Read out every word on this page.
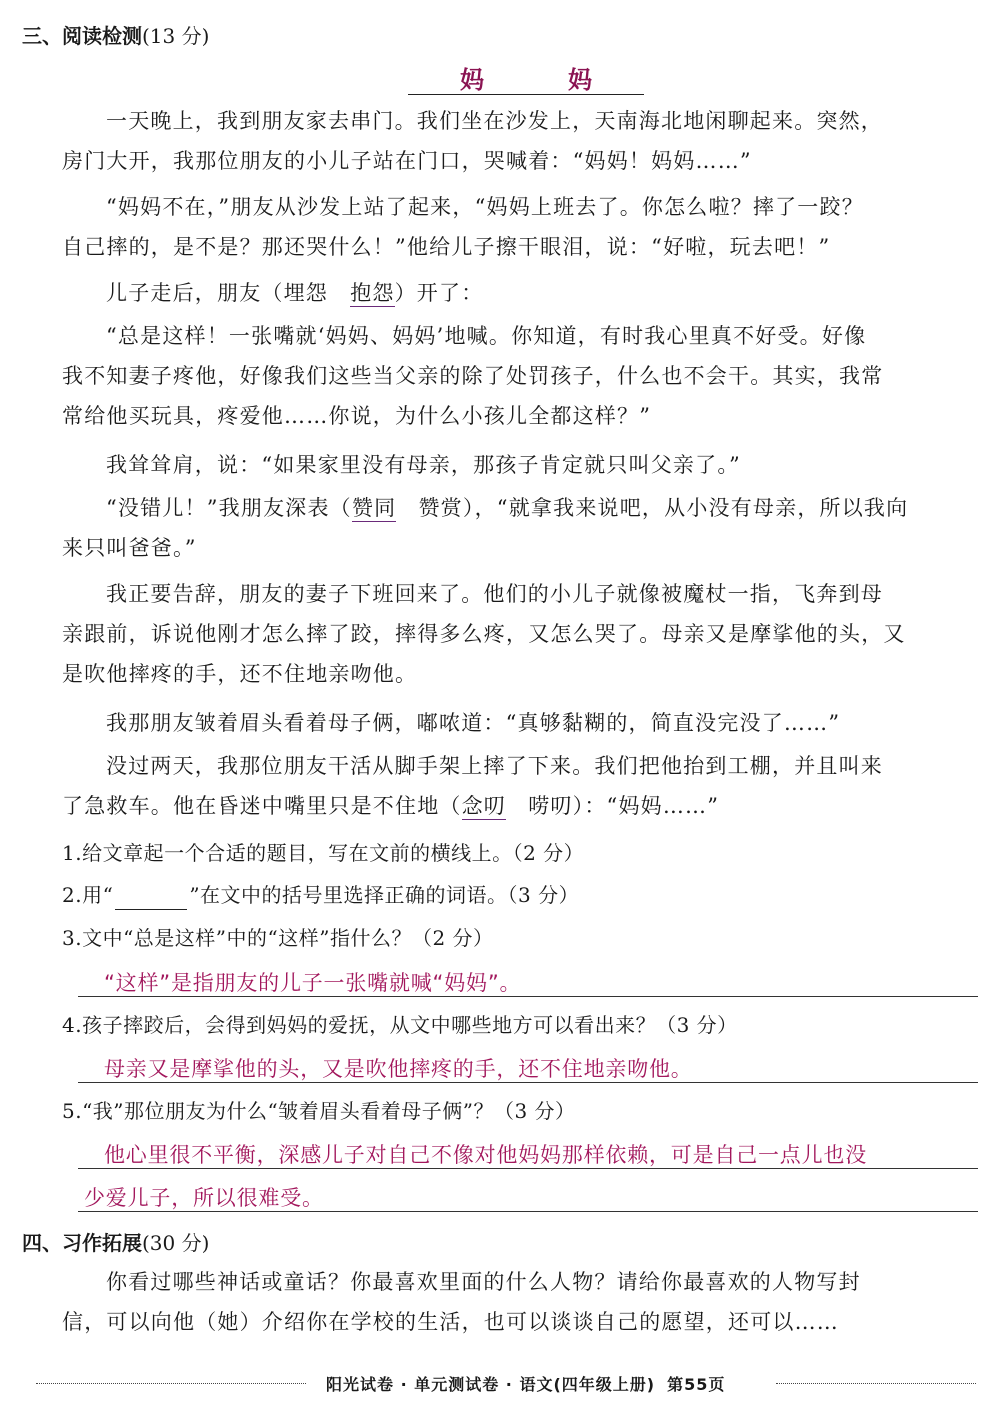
三、阅读检测(13 分)
妈　妈
一天晚上，我到朋友家去串门。我们坐在沙发上，天南海北地闲聊起来。突然，
房门大开，我那位朋友的小儿子站在门口，哭喊着：“妈妈！妈妈……”
“妈妈不在，”朋友从沙发上站了起来，“妈妈上班去了。你怎么啦？摔了一跤？
自己摔的，是不是？那还哭什么！”他给儿子擦干眼泪，说：“好啦，玩去吧！”
儿子走后，朋友（埋怨　抱怨）开了：
“总是这样！一张嘴就‘妈妈、妈妈’地喊。你知道，有时我心里真不好受。好像
我不知妻子疼他，好像我们这些当父亲的除了处罚孩子，什么也不会干。其实，我常
常给他买玩具，疼爱他……你说，为什么小孩儿全都这样？”
我耸耸肩，说：“如果家里没有母亲，那孩子肯定就只叫父亲了。”
“没错儿！”我朋友深表（赞同　赞赏），“就拿我来说吧，从小没有母亲，所以我向
来只叫爸爸。”
我正要告辞，朋友的妻子下班回来了。他们的小儿子就像被魔杖一指，飞奔到母
亲跟前，诉说他刚才怎么摔了跤，摔得多么疼，又怎么哭了。母亲又是摩挲他的头，又
是吹他摔疼的手，还不住地亲吻他。
我那朋友皱着眉头看着母子俩，嘟哝道：“真够黏糊的，简直没完没了……”
没过两天，我那位朋友干活从脚手架上摔了下来。我们把他抬到工棚，并且叫来
了急救车。他在昏迷中嘴里只是不住地（念叨　唠叨）：“妈妈……”
1.给文章起一个合适的题目，写在文前的横线上。（2 分）
2.用“	”在文中的括号里选择正确的词语。（3 分）
3.文中“总是这样”中的“这样”指什么？（2 分）
“这样”是指朋友的儿子一张嘴就喊“妈妈”。
4.孩子摔跤后，会得到妈妈的爱抚，从文中哪些地方可以看出来？（3 分）
母亲又是摩挲他的头，又是吹他摔疼的手，还不住地亲吻他。
5.“我”那位朋友为什么“皱着眉头看着母子俩”？（3 分）
他心里很不平衡，深感儿子对自己不像对他妈妈那样依赖，可是自己一点儿也没
少爱儿子，所以很难受。
四、习作拓展(30 分)
你看过哪些神话或童话？你最喜欢里面的什么人物？请给你最喜欢的人物写封
信，可以向他（她）介绍你在学校的生活，也可以谈谈自己的愿望，还可以……
阳光试卷 · 单元测试卷 · 语文(四年级上册) 第55页
